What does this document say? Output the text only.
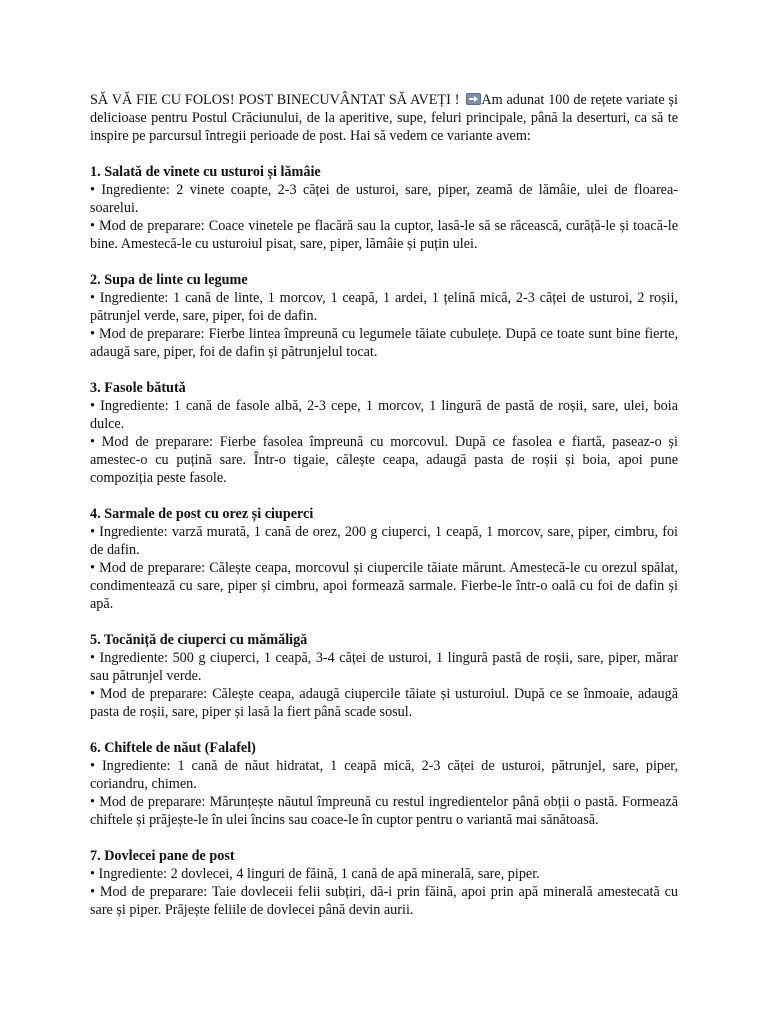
SĂ VĂ FIE CU FOLOS! POST BINECUVÂNTAT SĂ AVEȚI ! Am adunat 100 de rețete variate și delicioase pentru Postul Crăciunului, de la aperitive, supe, feluri principale, până la deserturi, ca să te inspire pe parcursul întregii perioade de post. Hai să vedem ce variante avem:

1. Salată de vinete cu usturoi și lămâie

• Ingrediente: 2 vinete coapte, 2-3 căței de usturoi, sare, piper, zeamă de lămâie, ulei de floarea-soarelui.

• Mod de preparare: Coace vinetele pe flacără sau la cuptor, lasă-le să se răcească, curăță-le și toacă-le bine. Amestecă-le cu usturoiul pisat, sare, piper, lămâie și puțin ulei.

2. Supa de linte cu legume

• Ingrediente: 1 cană de linte, 1 morcov, 1 ceapă, 1 ardei, 1 țelină mică, 2-3 căței de usturoi, 2 roșii, pătrunjel verde, sare, piper, foi de dafin.

• Mod de preparare: Fierbe lintea împreună cu legumele tăiate cubulețe. După ce toate sunt bine fierte, adaugă sare, piper, foi de dafin și pătrunjelul tocat.

3. Fasole bătută

• Ingrediente: 1 cană de fasole albă, 2-3 cepe, 1 morcov, 1 lingură de pastă de roșii, sare, ulei, boia dulce.

• Mod de preparare: Fierbe fasolea împreună cu morcovul. După ce fasolea e fiartă, paseaz-o și amestec-o cu puțină sare. Într-o tigaie, călește ceapa, adaugă pasta de roșii și boia, apoi pune compoziția peste fasole.

4. Sarmale de post cu orez și ciuperci

• Ingrediente: varză murată, 1 cană de orez, 200 g ciuperci, 1 ceapă, 1 morcov, sare, piper, cimbru, foi de dafin.

• Mod de preparare: Călește ceapa, morcovul și ciupercile tăiate mărunt. Amestecă-le cu orezul spălat, condimentează cu sare, piper și cimbru, apoi formează sarmale. Fierbe-le într-o oală cu foi de dafin și apă.

5. Tocăniță de ciuperci cu mămăligă

• Ingrediente: 500 g ciuperci, 1 ceapă, 3-4 căței de usturoi, 1 lingură pastă de roșii, sare, piper, mărar sau pătrunjel verde.

• Mod de preparare: Călește ceapa, adaugă ciupercile tăiate și usturoiul. După ce se înmoaie, adaugă pasta de roșii, sare, piper și lasă la fiert până scade sosul.

6. Chiftele de năut (Falafel)

• Ingrediente: 1 cană de năut hidratat, 1 ceapă mică, 2-3 căței de usturoi, pătrunjel, sare, piper, coriandru, chimen.

• Mod de preparare: Mărunțește năutul împreună cu restul ingredientelor până obții o pastă. Formează chiftele și prăjește-le în ulei încins sau coace-le în cuptor pentru o variantă mai sănătoasă.

7. Dovlecei pane de post

• Ingrediente: 2 dovlecei, 4 linguri de făină, 1 cană de apă minerală, sare, piper.

• Mod de preparare: Taie dovleceii felii subțiri, dă-i prin făină, apoi prin apă minerală amestecată cu sare și piper. Prăjește feliile de dovlecei până devin aurii.
